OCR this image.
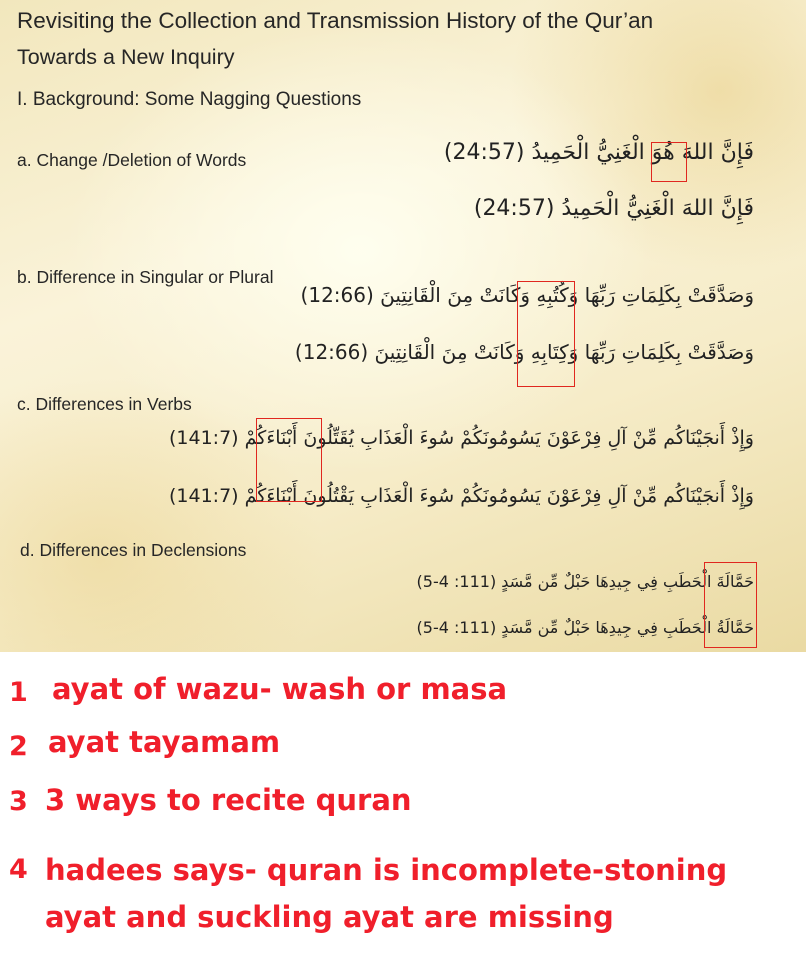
Revisiting the Collection and Transmission History of the Qur’an
Towards a New Inquiry
I. Background: Some Nagging Questions
a. Change /Deletion of Words	فَإِنَّ اللهَ هُوَ الْغَنِيُّ الْحَمِيدُ (24:57)
فَإِنَّ اللهَ الْغَنِيُّ الْحَمِيدُ (24:57)
b. Difference in Singular or Plural
وَصَدَّقَتْ بِكَلِمَاتِ رَبِّهَا وَكُتُبِهِ وَكَانَتْ مِنَ الْقَانِتِينَ (12:66)
وَصَدَّقَتْ بِكَلِمَاتِ رَبِّهَا وَكِتَابِهِ وَكَانَتْ مِنَ الْقَانِتِينَ (12:66)
c. Differences in Verbs
وَإِذْ أَنجَيْنَاكُم مِّنْ آلِ فِرْعَوْنَ يَسُومُونَكُمْ سُوءَ الْعَذَابِ يُقَتِّلُونَ أَبْنَاءَكُمْ (141:7)
وَإِذْ أَنجَيْنَاكُم مِّنْ آلِ فِرْعَوْنَ يَسُومُونَكُمْ سُوءَ الْعَذَابِ يَقْتُلُونَ أَبْنَاءَكُمْ (141:7)
d. Differences in Declensions
حَمَّالَةَ الْحَطَبِ فِي جِيدِهَا حَبْلٌ مِّن مَّسَدٍ (111: 4-5)
حَمَّالَةُ الْحَطَبِ فِي جِيدِهَا حَبْلٌ مِّن مَّسَدٍ (111: 4-5)
1 ayat of wazu- wash or masa
2 ayat tayamam
3 3 ways to recite quran
4 hadees says- quran is incomplete-stoning
ayat and suckling ayat are missing
